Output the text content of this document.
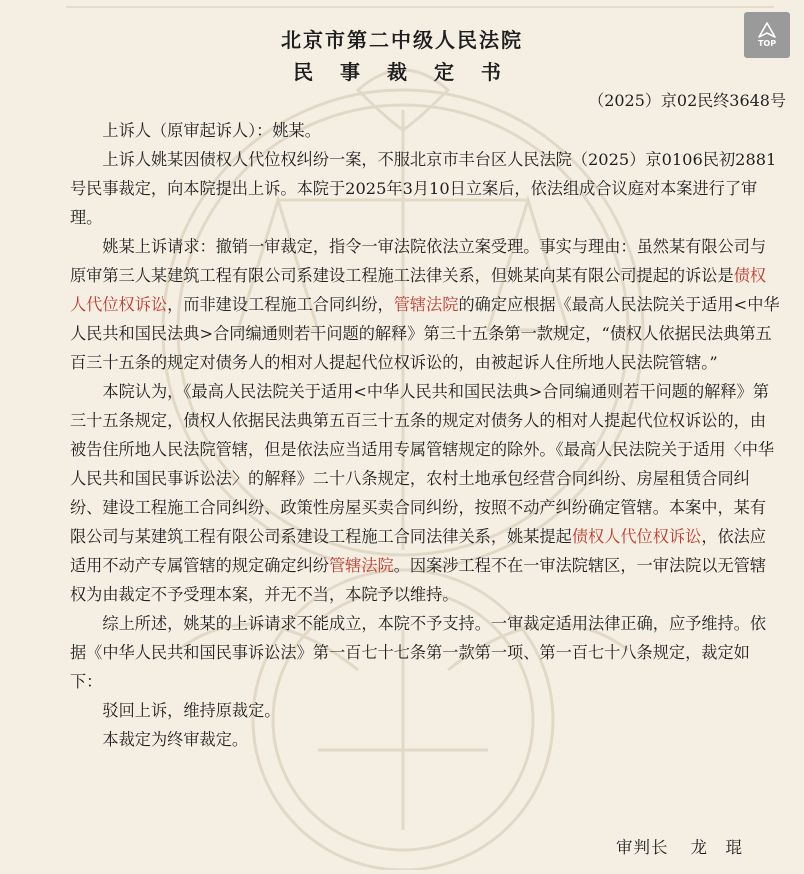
北京市第二中级人民法院
民 事 裁 定 书
（2025）京02民终3648号
TOP

上诉人（原审起诉人）：姚某。

上诉人姚某因债权人代位权纠纷一案，不服北京市丰台区人民法院（2025）京0106民初2881号民事裁定，向本院提出上诉。本院于2025年3月10日立案后，依法组成合议庭对本案进行了审理。

姚某上诉请求：撤销一审裁定，指令一审法院依法立案受理。事实与理由：虽然某有限公司与原审第三人某建筑工程有限公司系建设工程施工法律关系，但姚某向某有限公司提起的诉讼是债权人代位权诉讼，而非建设工程施工合同纠纷，管辖法院的确定应根据《最高人民法院关于适用<中华人民共和国民法典>合同编通则若干问题的解释》第三十五条第一款规定，“债权人依据民法典第五百三十五条的规定对债务人的相对人提起代位权诉讼的，由被起诉人住所地人民法院管辖。”

本院认为，《最高人民法院关于适用<中华人民共和国民法典>合同编通则若干问题的解释》第三十五条规定，债权人依据民法典第五百三十五条的规定对债务人的相对人提起代位权诉讼的，由被告住所地人民法院管辖，但是依法应当适用专属管辖规定的除外。《最高人民法院关于适用〈中华人民共和国民事诉讼法〉的解释》二十八条规定，农村土地承包经营合同纠纷、房屋租赁合同纠纷、建设工程施工合同纠纷、政策性房屋买卖合同纠纷，按照不动产纠纷确定管辖。本案中，某有限公司与某建筑工程有限公司系建设工程施工合同法律关系，姚某提起债权人代位权诉讼，依法应适用不动产专属管辖的规定确定纠纷管辖法院。因案涉工程不在一审法院辖区，一审法院以无管辖权为由裁定不予受理本案，并无不当，本院予以维持。

综上所述，姚某的上诉请求不能成立，本院不予支持。一审裁定适用法律正确，应予维持。依据《中华人民共和国民事诉讼法》第一百七十七条第一款第一项、第一百七十八条规定，裁定如下：

驳回上诉，维持原裁定。

本裁定为终审裁定。

审判长 龙　琨
